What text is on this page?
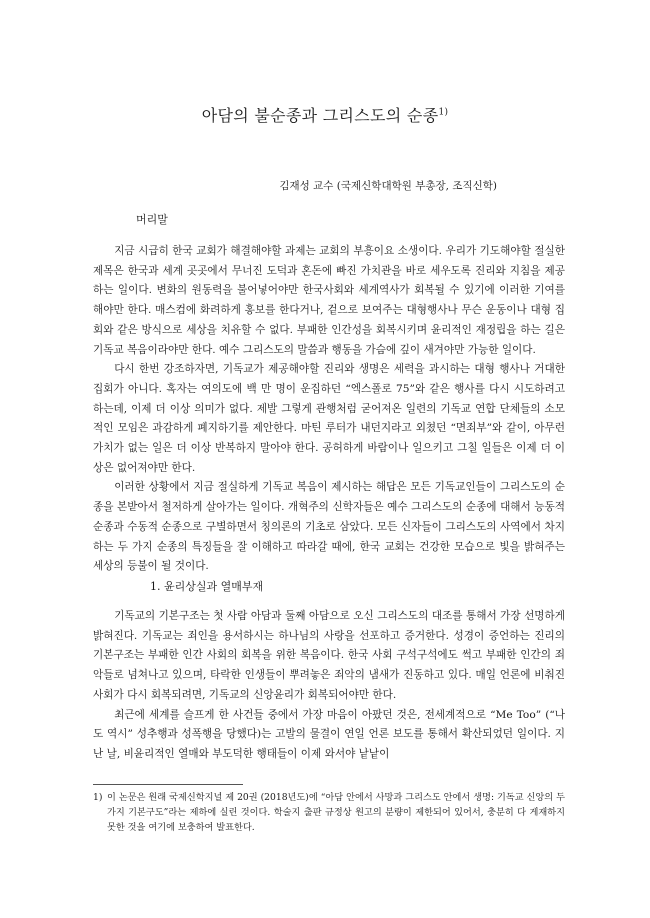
아담의 불순종과 그리스도의 순종$^{1)}$
김재성 교수 (국제신학대학원 부총장, 조직신학)
머리말

지금 시급히 한국 교회가 해결해야할 과제는 교회의 부흥이요 소생이다. 우리가 기도해야할 절실한 제목은 한국과 세계 곳곳에서 무너진 도덕과 혼돈에 빠진 가치관을 바로 세우도록 진리와 지침을 제공하는 일이다. 변화의 원동력을 불어넣어야만 한국사회와 세계역사가 회복될 수 있기에 이러한 기여를 해야만 한다. 매스컴에 화려하게 홍보를 한다거나, 겉으로 보여주는 대형행사나 무슨 운동이나 대형 집회와 같은 방식으로 세상을 치유할 수 없다. 부패한 인간성을 회복시키며 윤리적인 재정립을 하는 길은 기독교 복음이라야만 한다. 예수 그리스도의 말씀과 행동을 가슴에 깊이 새겨야만 가능한 일이다.

다시 한번 강조하자면, 기독교가 제공해야할 진리와 생명은 세력을 과시하는 대형 행사나 거대한 집회가 아니다. 혹자는 여의도에 백 만 명이 운집하던 “엑스폴로 75”와 같은 행사를 다시 시도하려고 하는데, 이제 더 이상 의미가 없다. 제발 그렇게 관행처럼 굳어져온 일련의 기독교 연합 단체들의 소모적인 모임은 과감하게 폐지하기를 제안한다. 마틴 루터가 내던지라고 외쳤던 “면죄부”와 같이, 아무런 가치가 없는 일은 더 이상 반복하지 말아야 한다. 공허하게 바람이나 일으키고 그칠 일들은 이제 더 이상은 없어져야만 한다.

이러한 상황에서 지금 절실하게 기독교 복음이 제시하는 해답은 모든 기독교인들이 그리스도의 순종을 본받아서 철저하게 살아가는 일이다. 개혁주의 신학자들은 예수 그리스도의 순종에 대해서 능동적 순종과 수동적 순종으로 구별하면서 칭의론의 기초로 삼았다. 모든 신자들이 그리스도의 사역에서 차지하는 두 가지 순종의 특징들을 잘 이해하고 따라갈 때에, 한국 교회는 건강한 모습으로 빛을 밝혀주는 세상의 등불이 될 것이다.

1. 윤리상실과 열매부재

기독교의 기본구조는 첫 사람 아담과 둘째 아담으로 오신 그리스도의 대조를 통해서 가장 선명하게 밝혀진다. 기독교는 죄인을 용서하시는 하나님의 사랑을 선포하고 증거한다. 성경이 증언하는 진리의 기본구조는 부패한 인간 사회의 회복을 위한 복음이다. 한국 사회 구석구석에도 썩고 부패한 인간의 죄악들로 넘쳐나고 있으며, 타락한 인생들이 뿌려놓은 죄악의 냄새가 진동하고 있다. 매일 언론에 비춰진 사회가 다시 회복되려면, 기독교의 신앙윤리가 회복되어야만 한다.

최근에 세계를 슬프게 한 사건들 중에서 가장 마음이 아팠던 것은, 전세계적으로 “Me Too” (“나도 역시” 성추행과 성폭행을 당했다)는 고발의 물결이 연일 언론 보도를 통해서 확산되었던 일이다. 지난 날, 비윤리적인 열매와 부도덕한 행태들이 이제 와서야 낱낱이

1) 이 논문은 원래 국제신학지널 제 20권 (2018년도)에 “아담 안에서 사망과 그리스도 안에서 생명: 기독교 신앙의 두 가지 기본구도”라는 제하에 실린 것이다. 학술지 출판 규정상 원고의 분량이 제한되어 있어서, 충분히 다 게재하지 못한 것을 여기에 보충하여 발표한다.
